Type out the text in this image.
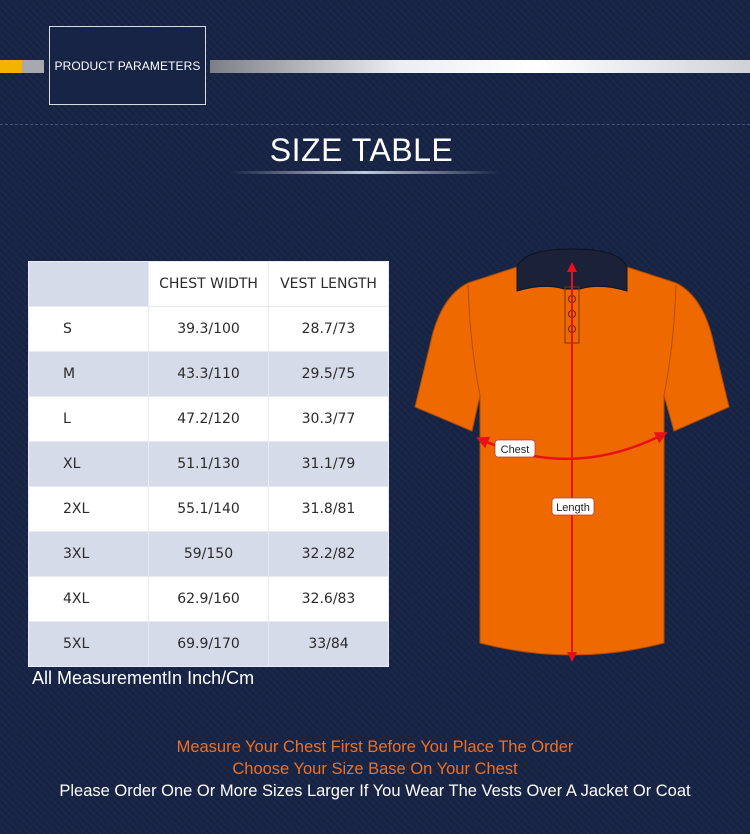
PRODUCT PARAMETERS
SIZE TABLE
	CHEST WIDTH	VEST LENGTH
S	39.3/100	28.7/73
M	43.3/110	29.5/75
L	47.2/120	30.3/77
XL	51.1/130	31.1/79
2XL	55.1/140	31.8/81
3XL	59/150	32.2/82
4XL	62.9/160	32.6/83
5XL	69.9/170	33/84
All MeasurementIn Inch/Cm
Chest
Length
Measure Your Chest First Before You Place The Order
Choose Your Size Base On Your Chest
Please Order One Or More Sizes Larger If You Wear The Vests Over A Jacket Or Coat
